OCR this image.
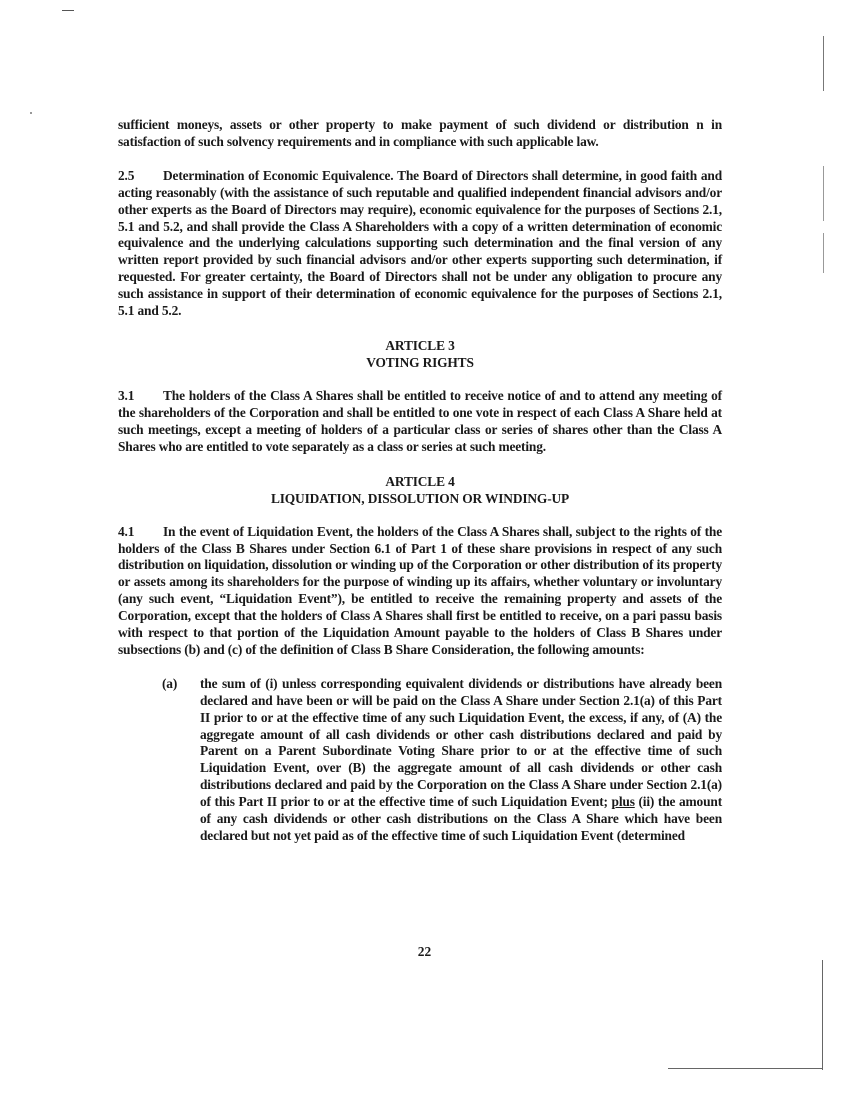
sufficient moneys, assets or other property to make payment of such dividend or distribution n in satisfaction of such solvency requirements and in compliance with such applicable law.

2.5 Determination of Economic Equivalence. The Board of Directors shall determine, in good faith and acting reasonably (with the assistance of such reputable and qualified independent financial advisors and/or other experts as the Board of Directors may require), economic equivalence for the purposes of Sections 2.1, 5.1 and 5.2, and shall provide the Class A Shareholders with a copy of a written determination of economic equivalence and the underlying calculations supporting such determination and the final version of any written report provided by such financial advisors and/or other experts supporting such determination, if requested. For greater certainty, the Board of Directors shall not be under any obligation to procure any such assistance in support of their determination of economic equivalence for the purposes of Sections 2.1, 5.1 and 5.2.

ARTICLE 3
VOTING RIGHTS

3.1 The holders of the Class A Shares shall be entitled to receive notice of and to attend any meeting of the shareholders of the Corporation and shall be entitled to one vote in respect of each Class A Share held at such meetings, except a meeting of holders of a particular class or series of shares other than the Class A Shares who are entitled to vote separately as a class or series at such meeting.

ARTICLE 4
LIQUIDATION, DISSOLUTION OR WINDING-UP

4.1 In the event of Liquidation Event, the holders of the Class A Shares shall, subject to the rights of the holders of the Class B Shares under Section 6.1 of Part 1 of these share provisions in respect of any such distribution on liquidation, dissolution or winding up of the Corporation or other distribution of its property or assets among its shareholders for the purpose of winding up its affairs, whether voluntary or involuntary (any such event, “Liquidation Event”), be entitled to receive the remaining property and assets of the Corporation, except that the holders of Class A Shares shall first be entitled to receive, on a pari passu basis with respect to that portion of the Liquidation Amount payable to the holders of Class B Shares under subsections (b) and (c) of the definition of Class B Share Consideration, the following amounts:

(a) the sum of (i) unless corresponding equivalent dividends or distributions have already been declared and have been or will be paid on the Class A Share under Section 2.1(a) of this Part II prior to or at the effective time of any such Liquidation Event, the excess, if any, of (A) the aggregate amount of all cash dividends or other cash distributions declared and paid by Parent on a Parent Subordinate Voting Share prior to or at the effective time of such Liquidation Event, over (B) the aggregate amount of all cash dividends or other cash distributions declared and paid by the Corporation on the Class A Share under Section 2.1(a) of this Part II prior to or at the effective time of such Liquidation Event; plus (ii) the amount of any cash dividends or other cash distributions on the Class A Share which have been declared but not yet paid as of the effective time of such Liquidation Event (determined

22
